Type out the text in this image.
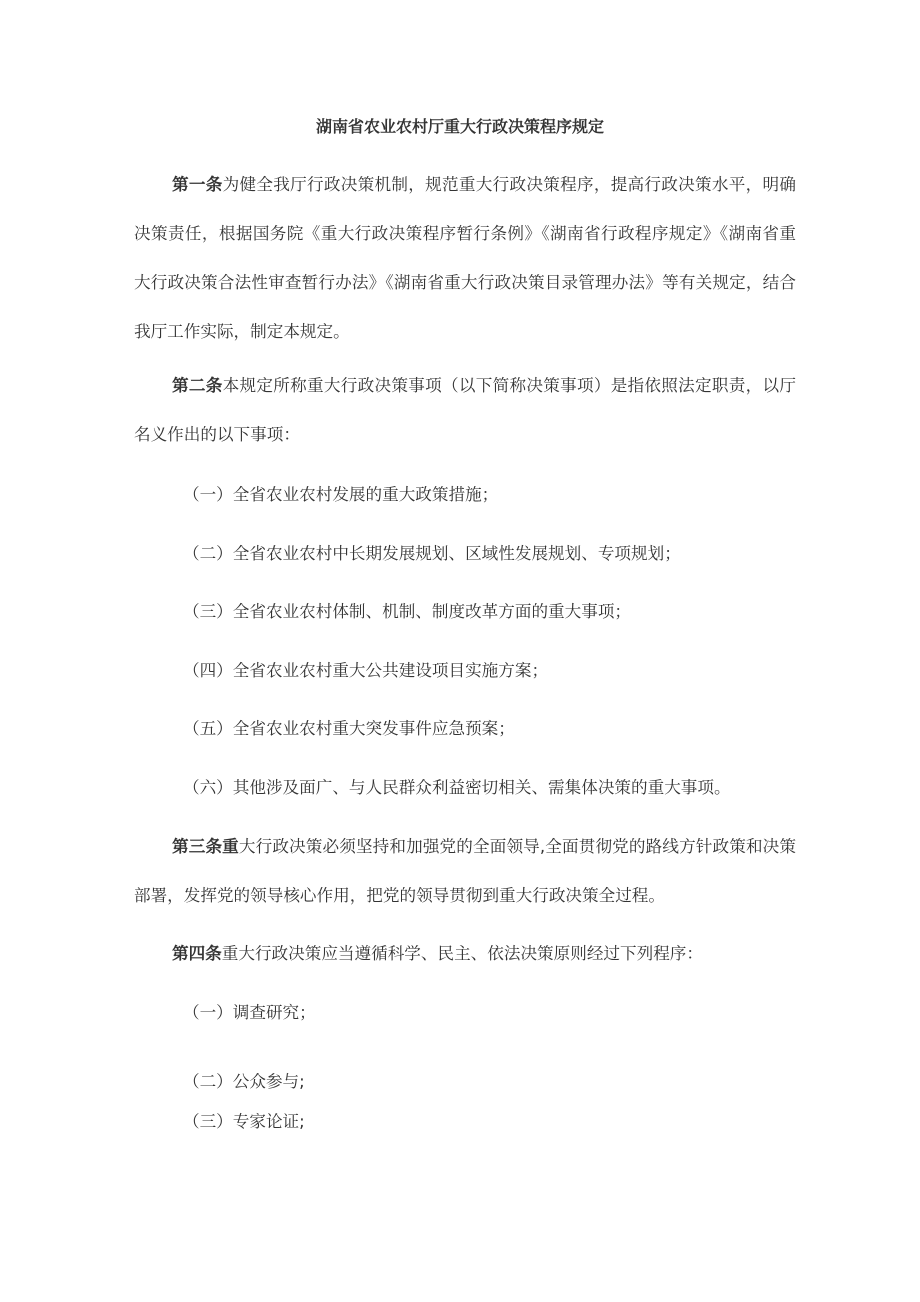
湖南省农业农村厅重大行政决策程序规定
第一条为健全我厅行政决策机制，规范重大行政决策程序，提高行政决策水平，明确决策责任，根据国务院《重大行政决策程序暂行条例》《湖南省行政程序规定》《湖南省重大行政决策合法性审查暂行办法》《湖南省重大行政决策目录管理办法》等有关规定，结合我厅工作实际，制定本规定。
第二条本规定所称重大行政决策事项（以下简称决策事项）是指依照法定职责，以厅名义作出的以下事项：
（一）全省农业农村发展的重大政策措施；
（二）全省农业农村中长期发展规划、区域性发展规划、专项规划；
（三）全省农业农村体制、机制、制度改革方面的重大事项；
（四）全省农业农村重大公共建设项目实施方案；
（五）全省农业农村重大突发事件应急预案；
（六）其他涉及面广、与人民群众利益密切相关、需集体决策的重大事项。
第三条重大行政决策必须坚持和加强党的全面领导,全面贯彻党的路线方针政策和决策部署，发挥党的领导核心作用，把党的领导贯彻到重大行政决策全过程。
第四条重大行政决策应当遵循科学、民主、依法决策原则经过下列程序：
（一）调查研究；
（二）公众参与;
（三）专家论证;
